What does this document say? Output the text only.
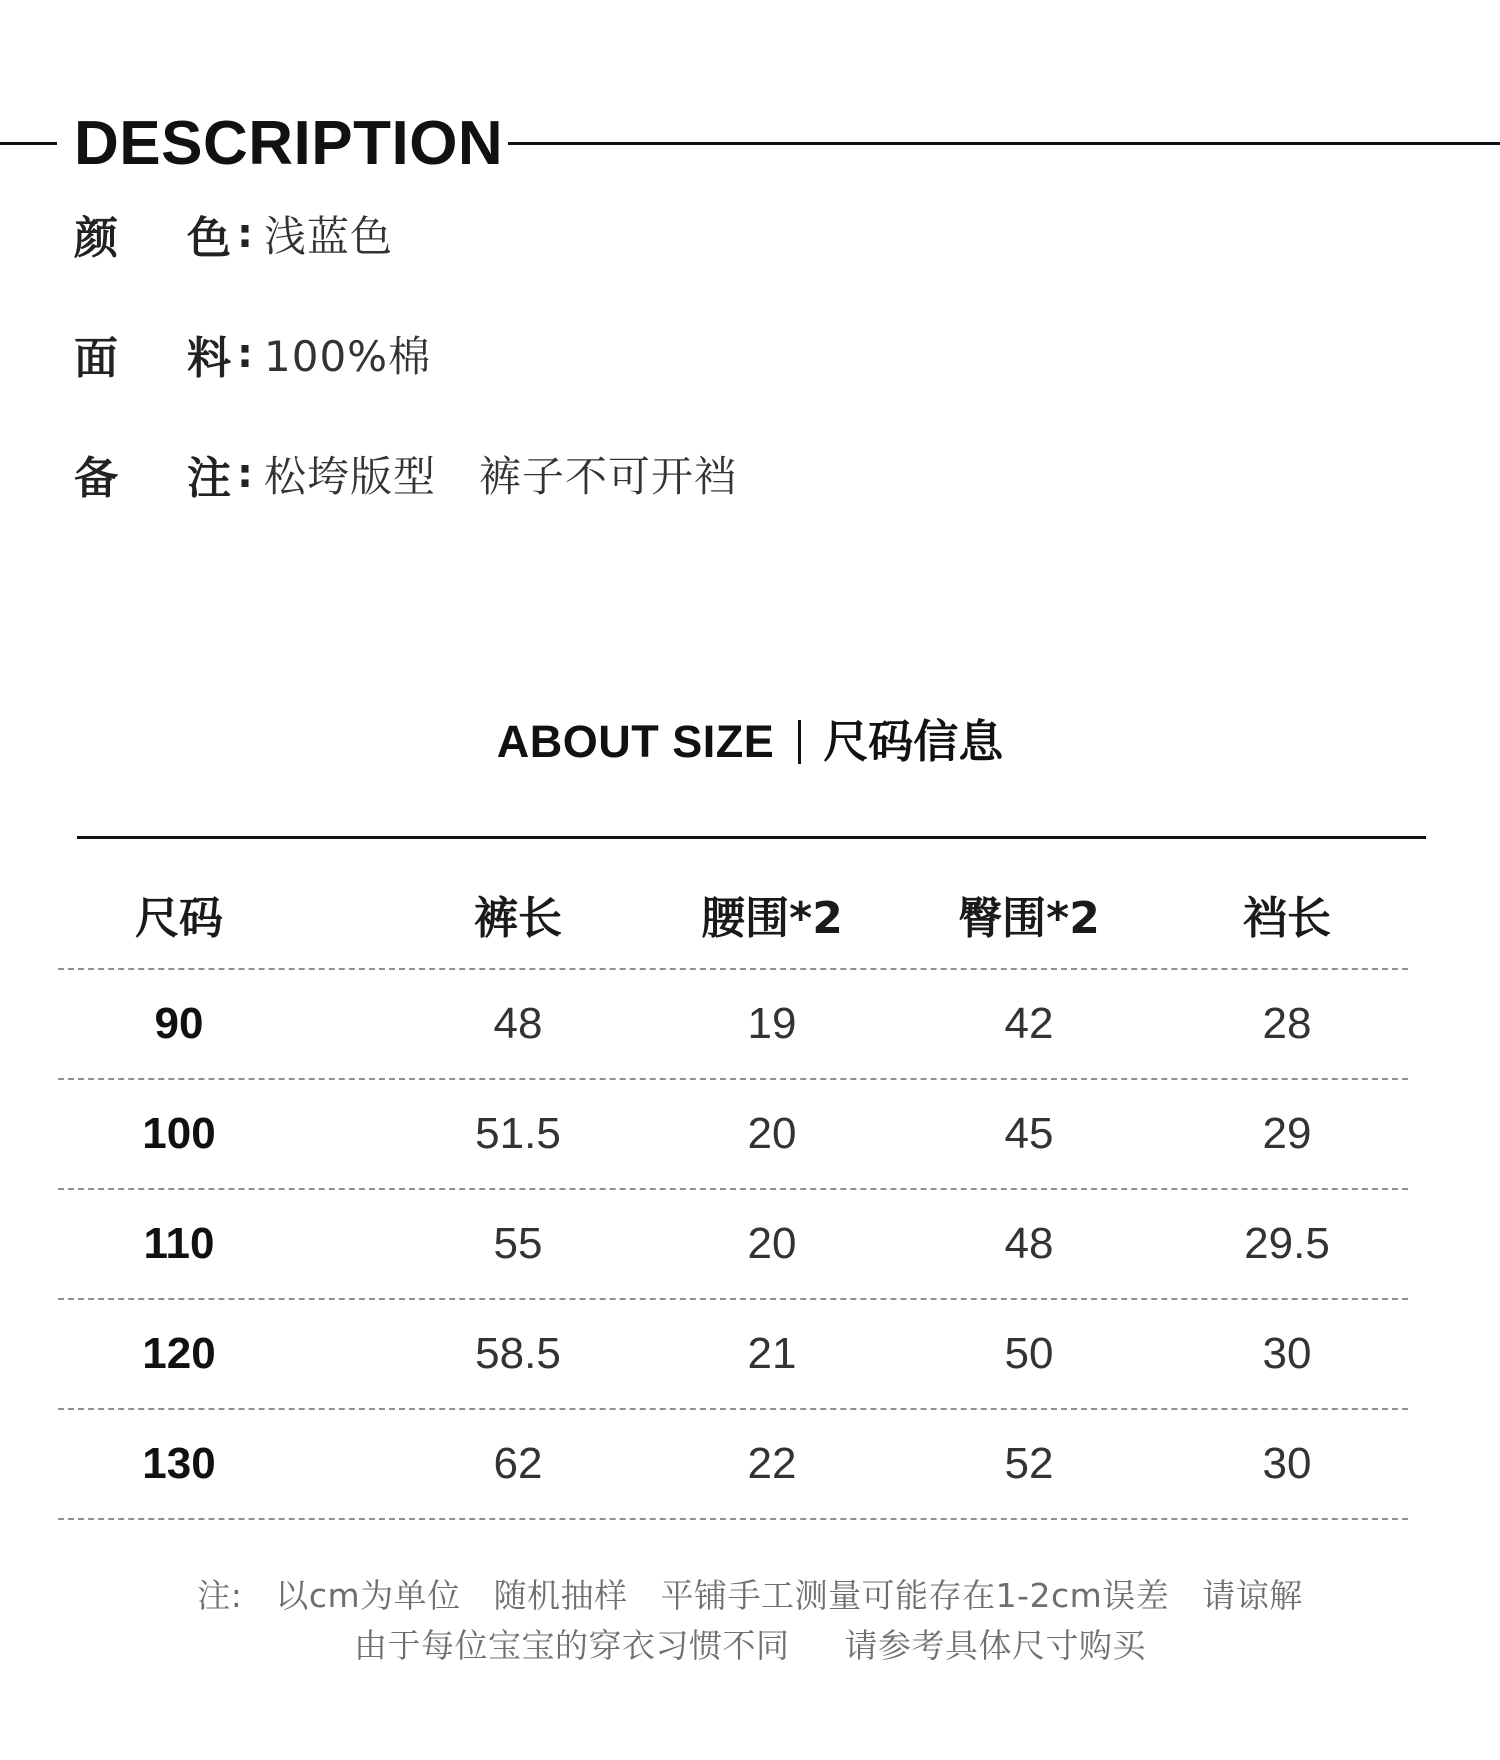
DESCRIPTION
颜 色 : 浅蓝色
面 料 : 100%棉
备 注 : 松垮版型   裤子不可开裆
ABOUT SIZE 尺码信息
尺码	裤长	腰围*2	臀围*2	裆长
90	48	19	42	28
100	51.5	20	45	29
110	55	20	48	29.5
120	58.5	21	50	30
130	62	22	52	30
注:   以cm为单位   随机抽样   平铺手工测量可能存在1-2cm误差   请谅解
由于每位宝宝的穿衣习惯不同     请参考具体尺寸购买
